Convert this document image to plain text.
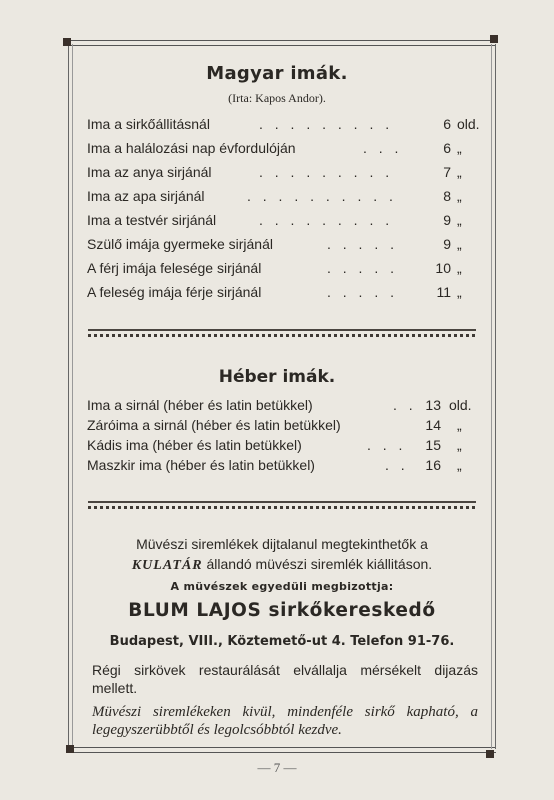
Magyar imák.
(Irta: Kapos Andor).
Ima a sirkőállitásnál	. . . . . . . . .	6 old.
Ima a halálozási nap évfordulóján	. . .	6 „
Ima az anya sirjánál	. . . . . . . . .	7 „
Ima az apa sirjánál	. . . . . . . . . .	8 „
Ima a testvér sirjánál	. . . . . . . . .	9 „
Szülő imája gyermeke sirjánál	. . . . .	9 „
A férj imája felesége sirjánál	. . . . .	10 „
A feleség imája férje sirjánál	. . . . .	11 „
Héber imák.
Ima a sirnál (héber és latin betükkel)	. . 13 old.
Záróima a sirnál (héber és latin betükkel)	14 „
Kádis ima (héber és latin betükkel)	. . .	15 „
Maszkir ima (héber és latin betükkel)	. .	16 „
Müvészi siremlékek dijtalanul megtekinthetők a
KULATÁR állandó müvészi siremlék kiállitáson.
A müvészek egyedüli megbizottja:
BLUM LAJOS sirkőkereskedő
Budapest, VIII., Köztemető-ut 4. Telefon 91-76.
Régi sirkövek restaurálását elvállalja mérsékelt dijazás mellett.
Müvészi siremlékeken kivül, mindenféle sirkő kapható, a legegyszerübbtől és legolcsóbbtól kezdve.
— 7 —
